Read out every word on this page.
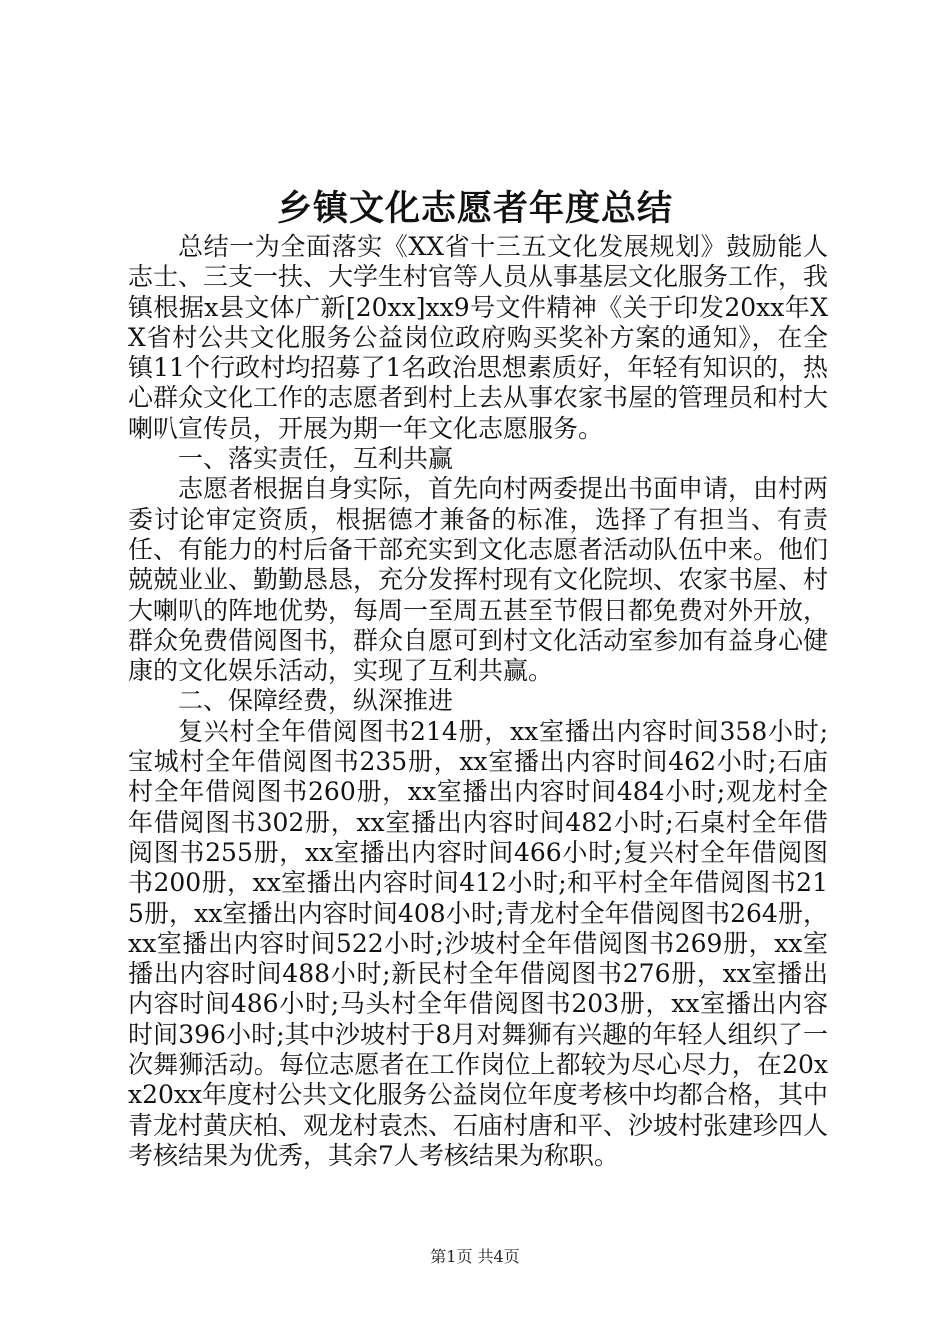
乡镇文化志愿者年度总结

总结一为全面落实《XX省十三五文化发展规划》鼓励能人志士、三支一扶、大学生村官等人员从事基层文化服务工作，我镇根据x县文体广新[20xx]xx9号文件精神《关于印发20xx年XX省村公共文化服务公益岗位政府购买奖补方案的通知》，在全镇11个行政村均招募了1名政治思想素质好，年轻有知识的，热心群众文化工作的志愿者到村上去从事农家书屋的管理员和村大喇叭宣传员，开展为期一年文化志愿服务。

一、落实责任，互利共赢

志愿者根据自身实际，首先向村两委提出书面申请，由村两委讨论审定资质，根据德才兼备的标准，选择了有担当、有责任、有能力的村后备干部充实到文化志愿者活动队伍中来。他们兢兢业业、勤勤恳恳，充分发挥村现有文化院坝、农家书屋、村大喇叭的阵地优势，每周一至周五甚至节假日都免费对外开放，群众免费借阅图书，群众自愿可到村文化活动室参加有益身心健康的文化娱乐活动，实现了互利共赢。

二、保障经费，纵深推进

复兴村全年借阅图书214册，xx室播出内容时间358小时;宝城村全年借阅图书235册，xx室播出内容时间462小时;石庙村全年借阅图书260册，xx室播出内容时间484小时;观龙村全年借阅图书302册，xx室播出内容时间482小时;石桌村全年借阅图书255册，xx室播出内容时间466小时;复兴村全年借阅图书200册，xx室播出内容时间412小时;和平村全年借阅图书215册，xx室播出内容时间408小时;青龙村全年借阅图书264册，xx室播出内容时间522小时;沙坡村全年借阅图书269册，xx室播出内容时间488小时;新民村全年借阅图书276册，xx室播出内容时间486小时;马头村全年借阅图书203册，xx室播出内容时间396小时;其中沙坡村于8月对舞狮有兴趣的年轻人组织了一次舞狮活动。每位志愿者在工作岗位上都较为尽心尽力，在20xx20xx年度村公共文化服务公益岗位年度考核中均都合格，其中青龙村黄庆柏、观龙村袁杰、石庙村唐和平、沙坡村张建珍四人考核结果为优秀，其余7人考核结果为称职。

第1页 共4页
